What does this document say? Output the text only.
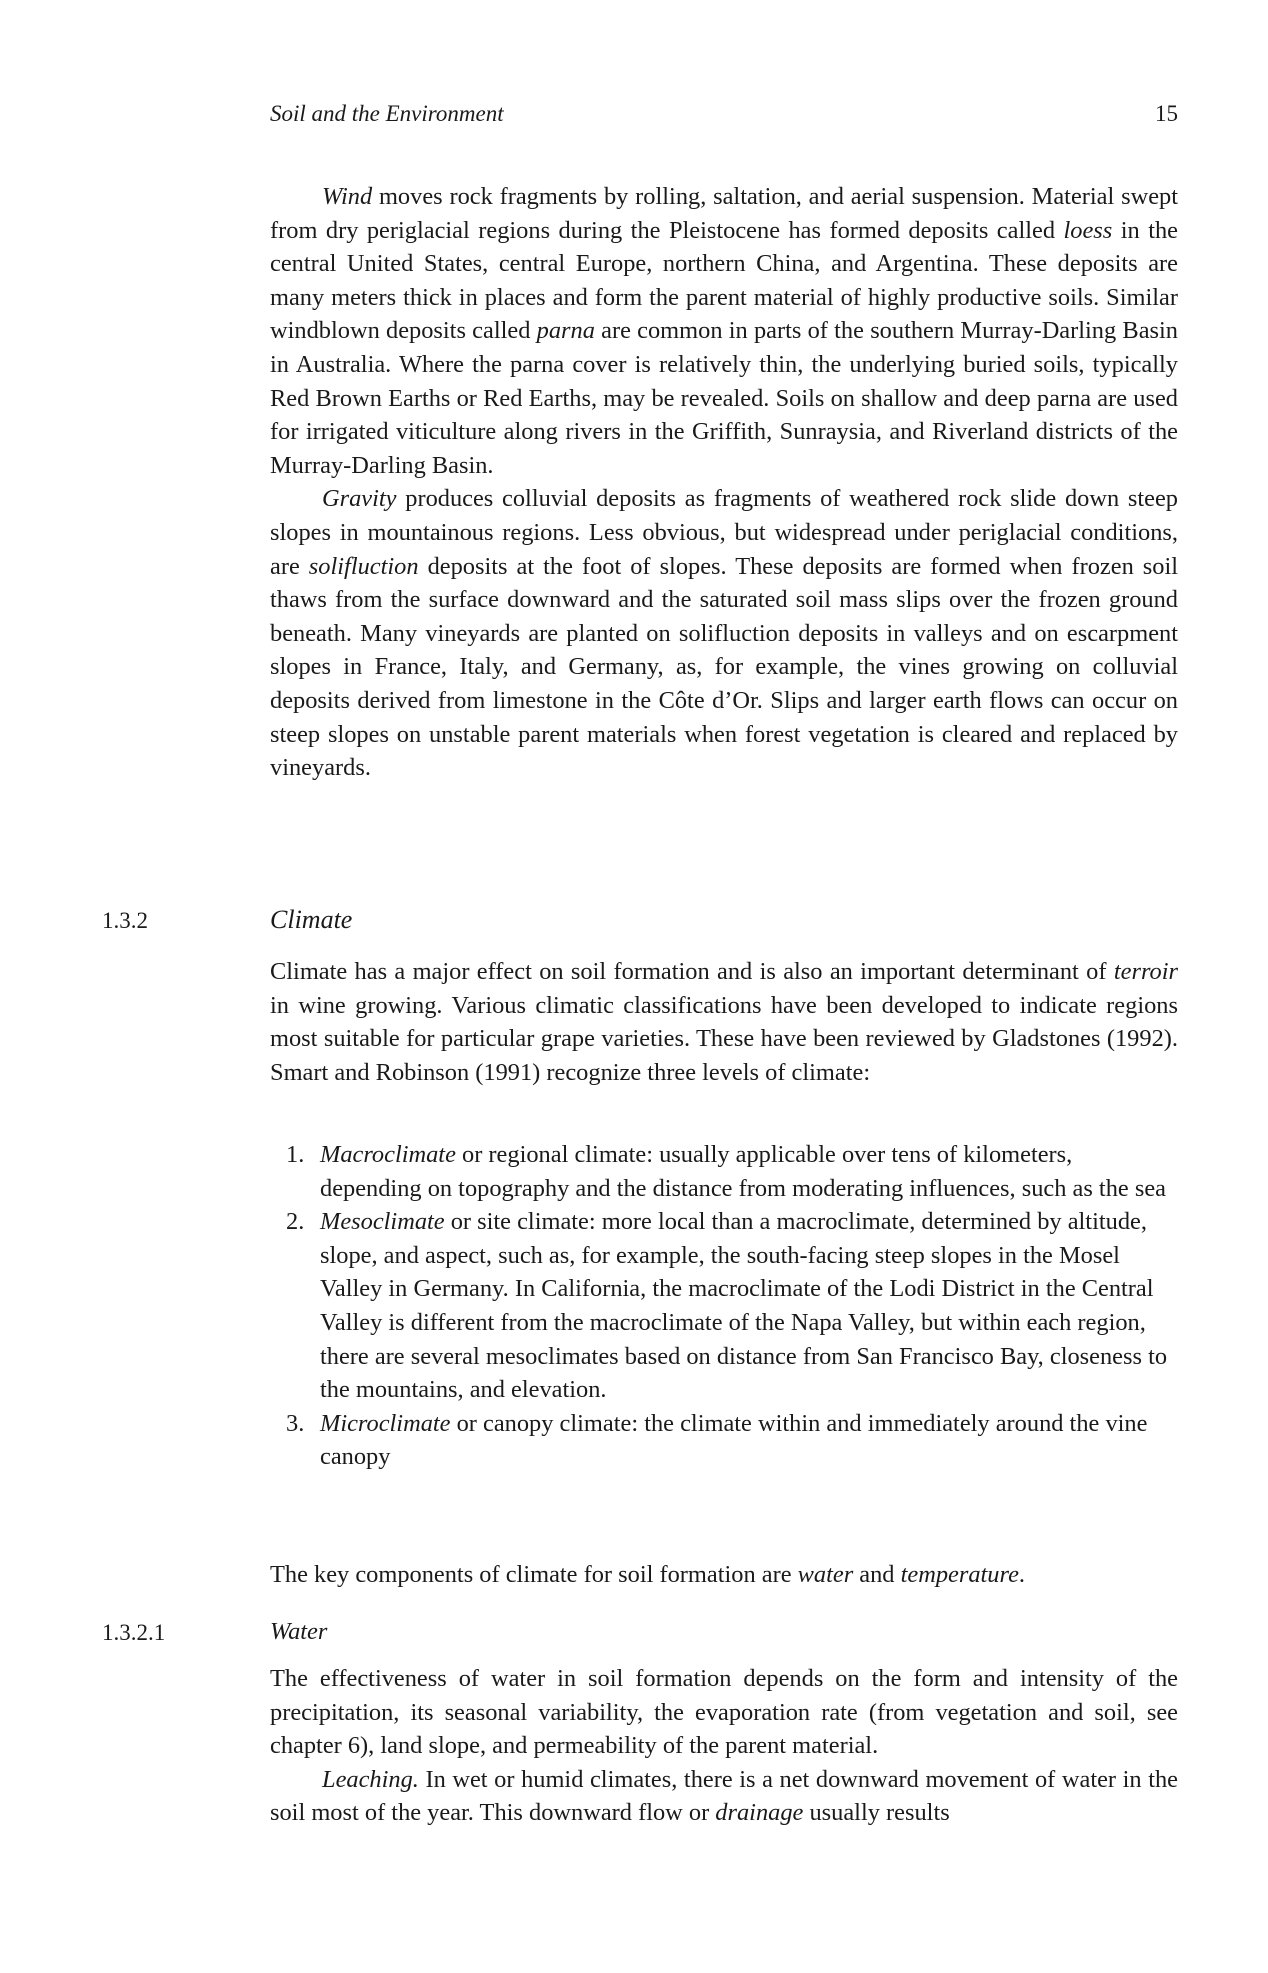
Soil and the Environment	15

Wind moves rock fragments by rolling, saltation, and aerial suspension. Material swept from dry periglacial regions during the Pleistocene has formed deposits called loess in the central United States, central Europe, northern China, and Argentina. These deposits are many meters thick in places and form the parent material of highly productive soils. Similar windblown deposits called parna are common in parts of the southern Murray-Darling Basin in Australia. Where the parna cover is relatively thin, the underlying buried soils, typically Red Brown Earths or Red Earths, may be revealed. Soils on shallow and deep parna are used for irrigated viticulture along rivers in the Griffith, Sunraysia, and Riverland districts of the Murray-Darling Basin.

Gravity produces colluvial deposits as fragments of weathered rock slide down steep slopes in mountainous regions. Less obvious, but widespread under periglacial conditions, are solifluction deposits at the foot of slopes. These deposits are formed when frozen soil thaws from the surface downward and the saturated soil mass slips over the frozen ground beneath. Many vineyards are planted on solifluction deposits in valleys and on escarpment slopes in France, Italy, and Germany, as, for example, the vines growing on colluvial deposits derived from limestone in the Côte d’Or. Slips and larger earth flows can occur on steep slopes on unstable parent materials when forest vegetation is cleared and replaced by vineyards.

1.3.2	Climate

Climate has a major effect on soil formation and is also an important determinant of terroir in wine growing. Various climatic classifications have been developed to indicate regions most suitable for particular grape varieties. These have been reviewed by Gladstones (1992). Smart and Robinson (1991) recognize three levels of climate:

1. Macroclimate or regional climate: usually applicable over tens of kilometers, depending on topography and the distance from moderating influences, such as the sea
2. Mesoclimate or site climate: more local than a macroclimate, determined by altitude, slope, and aspect, such as, for example, the south-facing steep slopes in the Mosel Valley in Germany. In California, the macroclimate of the Lodi District in the Central Valley is different from the macroclimate of the Napa Valley, but within each region, there are several mesoclimates based on distance from San Francisco Bay, closeness to the mountains, and elevation.
3. Microclimate or canopy climate: the climate within and immediately around the vine canopy

The key components of climate for soil formation are water and temperature.

1.3.2.1	Water

The effectiveness of water in soil formation depends on the form and intensity of the precipitation, its seasonal variability, the evaporation rate (from vegetation and soil, see chapter 6), land slope, and permeability of the parent material.

Leaching. In wet or humid climates, there is a net downward movement of water in the soil most of the year. This downward flow or drainage usually results
